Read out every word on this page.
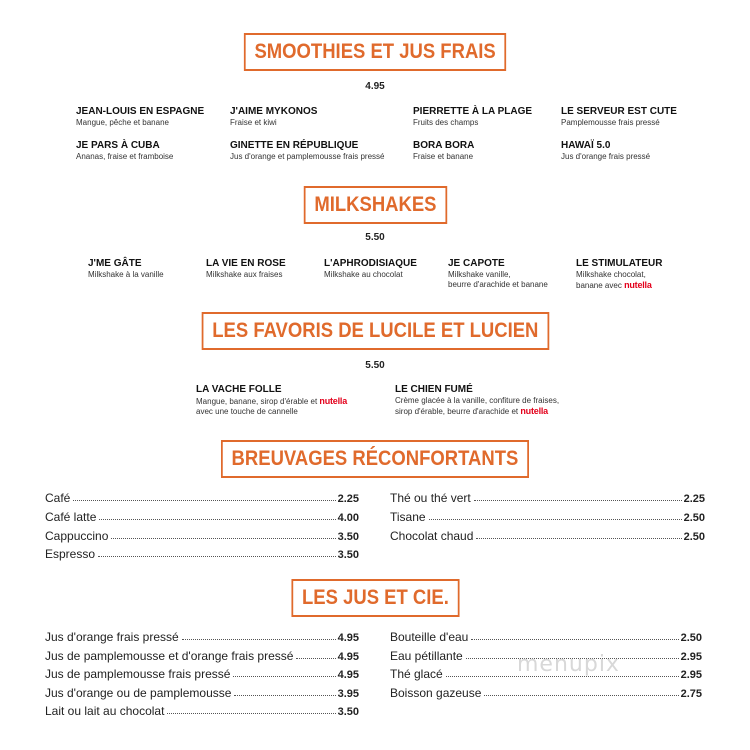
SMOOTHIES ET JUS FRAIS
4.95
JEAN-LOUIS EN ESPAGNE
Mangue, pêche et banane
J'AIME MYKONOS
Fraise et kiwi
PIERRETTE À LA PLAGE
Fruits des champs
LE SERVEUR EST CUTE
Pamplemousse frais pressé
JE PARS À CUBA
Ananas, fraise et framboise
GINETTE EN RÉPUBLIQUE
Jus d'orange et pamplemousse frais pressé
BORA BORA
Fraise et banane
HAWAÏ 5.0
Jus d'orange frais pressé
MILKSHAKES
5.50
J'ME GÂTE
Milkshake à la vanille
LA VIE EN ROSE
Milkshake aux fraises
L'APHRODISIAQUE
Milkshake au chocolat
JE CAPOTE
Milkshake vanille,
beurre d'arachide et banane
LE STIMULATEUR
Milkshake chocolat,
banane avec nutella
LES FAVORIS DE LUCILE ET LUCIEN
5.50
LA VACHE FOLLE
Mangue, banane, sirop d'érable et nutella
avec une touche de cannelle
LE CHIEN FUMÉ
Crème glacée à la vanille, confiture de fraises,
sirop d'érable, beurre d'arachide et nutella
BREUVAGES RÉCONFORTANTS
Café	2.25
Café latte	4.00
Cappuccino	3.50
Espresso	3.50
Thé ou thé vert	2.25
Tisane	2.50
Chocolat chaud	2.50
LES JUS ET CIE.
Jus d'orange frais pressé	4.95
Jus de pamplemousse et d'orange frais pressé	4.95
Jus de pamplemousse frais pressé	4.95
Jus d'orange ou de pamplemousse	3.95
Lait ou lait au chocolat	3.50
Bouteille d'eau	2.50
Eau pétillante	2.95
Thé glacé	2.95
Boisson gazeuse	2.75
menupix
